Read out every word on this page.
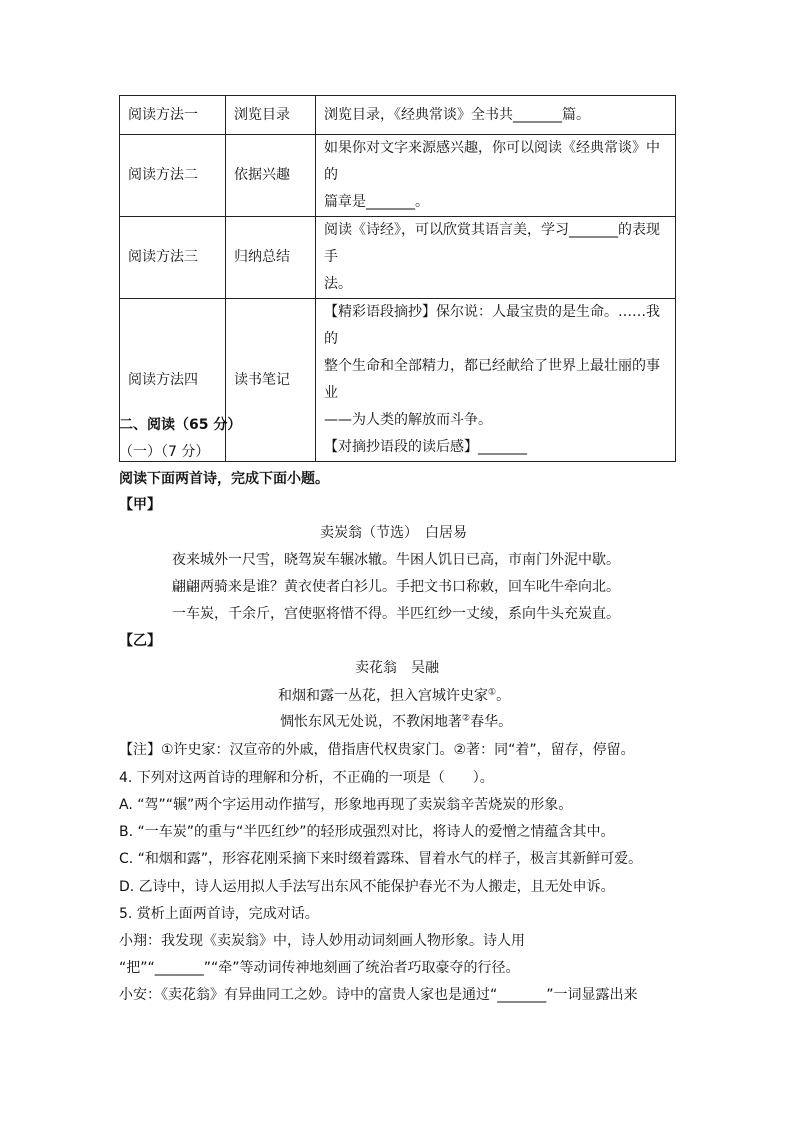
阅读方法一	浏览目录	浏览目录，《经典常谈》全书共_______篇。

阅读方法二	依据兴趣	如果你对文字来源感兴趣，你可以阅读《经典常谈》中的
篇章是_______。

阅读方法三	归纳总结	阅读《诗经》，可以欣赏其语言美，学习_______的表现手
法。

阅读方法四	读书笔记	【精彩语段摘抄】保尔说：人最宝贵的是生命。……我的
整个生命和全部精力，都已经献给了世界上最壮丽的事业
——为人类的解放而斗争。
【对摘抄语段的读后感】_______
二、阅读（65 分）
（一）（7 分）
阅读下面两首诗，完成下面小题。
【甲】
卖炭翁（节选）　白居易
夜来城外一尺雪，晓驾炭车辗冰辙。牛困人饥日已高，市南门外泥中歇。
翩翩两骑来是谁？黄衣使者白衫儿。手把文书口称敕，回车叱牛牵向北。
一车炭，千余斤，宫使驱将惜不得。半匹红纱一丈绫，系向牛头充炭直。
【乙】
卖花翁　吴融
和烟和露一丛花，担入宫城许史家①。
惆怅东风无处说，不教闲地著②春华。
【注】①许史家：汉宣帝的外戚，借指唐代权贵家门。②著：同“着”，留存，停留。
4. 下列对这两首诗的理解和分析，不正确的一项是（　　）。
A. “驾”“辗”两个字运用动作描写，形象地再现了卖炭翁辛苦烧炭的形象。
B. “一车炭”的重与“半匹红纱”的轻形成强烈对比，将诗人的爱憎之情蕴含其中。
C. “和烟和露”，形容花刚采摘下来时缀着露珠、冒着水气的样子，极言其新鲜可爱。
D. 乙诗中，诗人运用拟人手法写出东风不能保护春光不为人搬走，且无处申诉。
5. 赏析上面两首诗，完成对话。
小翔：我发现《卖炭翁》中，诗人妙用动词刻画人物形象。诗人用
“把”“_______”“牵”等动词传神地刻画了统治者巧取豪夺的行径。
小安：《卖花翁》有异曲同工之妙。诗中的富贵人家也是通过“_______”一词显露出来
